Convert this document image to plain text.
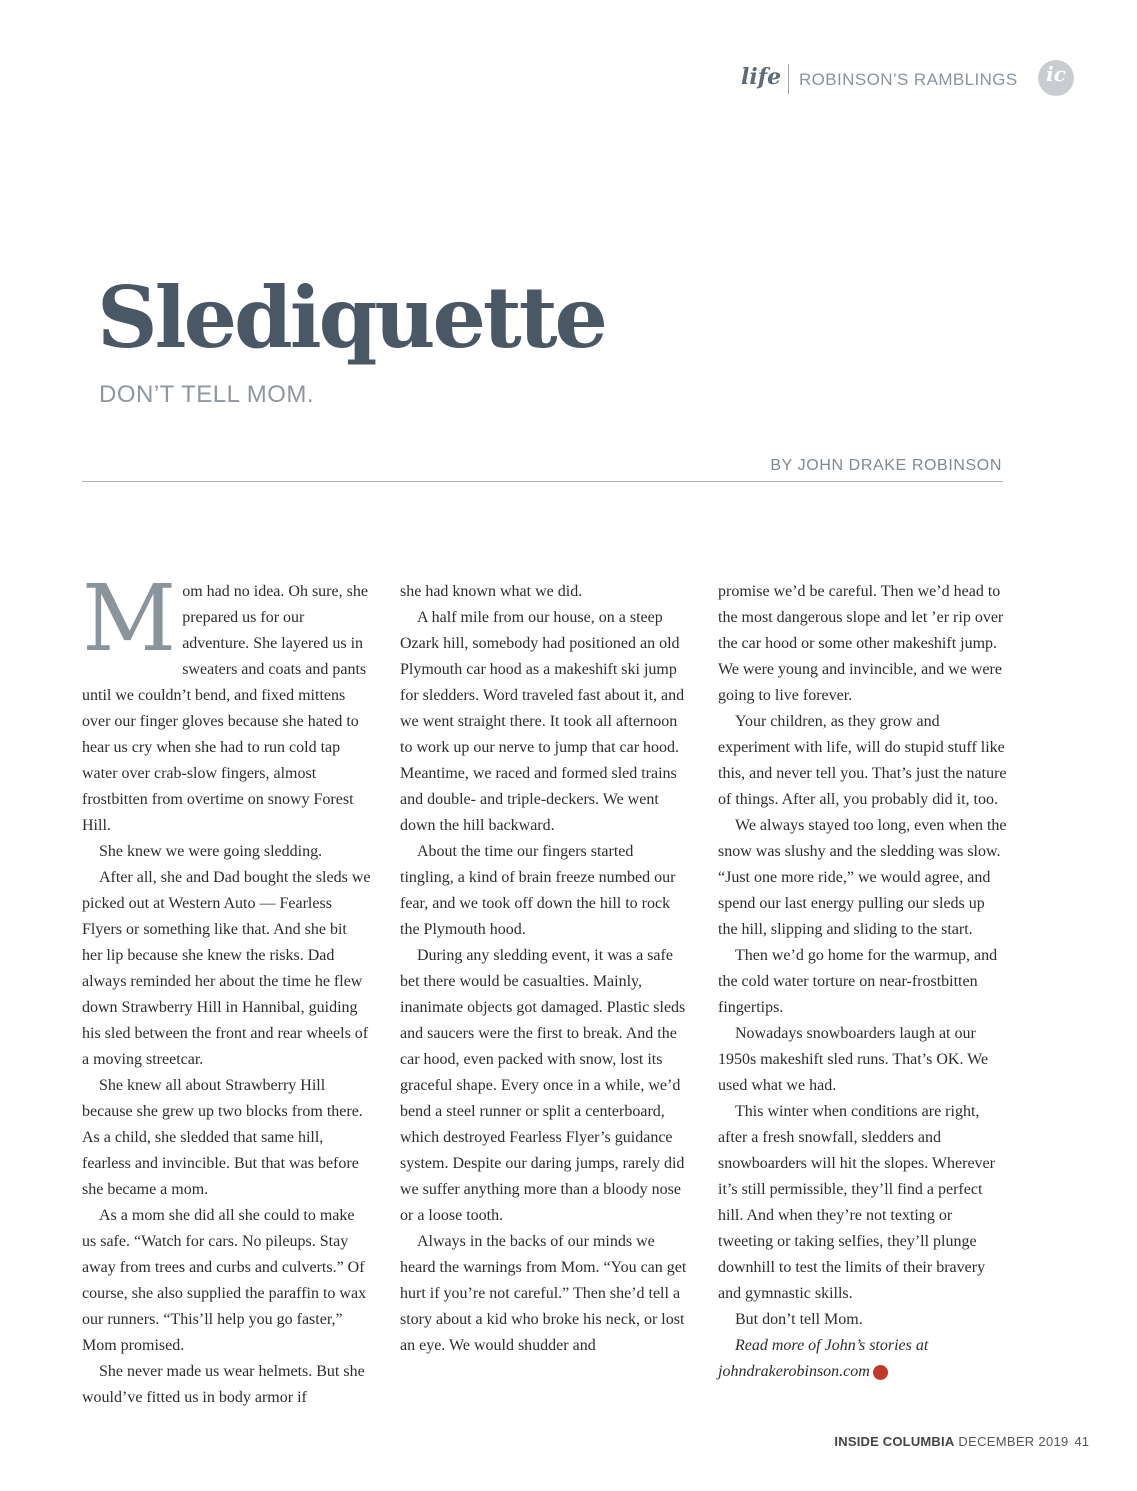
life ROBINSON’S RAMBLINGS	ic
Slediquette
DON’T TELL MOM.
BY JOHN DRAKE ROBINSON

Mom had no idea. Oh sure, she prepared us for our adventure. She layered us in sweaters and coats and pants until we couldn’t bend, and fixed mittens over our finger gloves because she hated to hear us cry when she had to run cold tap water over crab-slow fingers, almost frostbitten from overtime on snowy Forest Hill.

She knew we were going sledding.

After all, she and Dad bought the sleds we picked out at Western Auto — Fearless Flyers or something like that. And she bit her lip because she knew the risks. Dad always reminded her about the time he flew down Strawberry Hill in Hannibal, guiding his sled between the front and rear wheels of a moving streetcar.

She knew all about Strawberry Hill because she grew up two blocks from there. As a child, she sledded that same hill, fearless and invincible. But that was before she became a mom.

As a mom she did all she could to make us safe. “Watch for cars. No pileups. Stay away from trees and curbs and culverts.” Of course, she also supplied the paraffin to wax our runners. “This’ll help you go faster,” Mom promised.

She never made us wear helmets. But she would’ve fitted us in body armor if

she had known what we did.

A half mile from our house, on a steep Ozark hill, somebody had positioned an old Plymouth car hood as a makeshift ski jump for sledders. Word traveled fast about it, and we went straight there. It took all afternoon to work up our nerve to jump that car hood. Meantime, we raced and formed sled trains and double- and triple-deckers. We went down the hill backward.

About the time our fingers started tingling, a kind of brain freeze numbed our fear, and we took off down the hill to rock the Plymouth hood.

During any sledding event, it was a safe bet there would be casualties. Mainly, inanimate objects got damaged. Plastic sleds and saucers were the first to break. And the car hood, even packed with snow, lost its graceful shape. Every once in a while, we’d bend a steel runner or split a centerboard, which destroyed Fearless Flyer’s guidance system. Despite our daring jumps, rarely did we suffer anything more than a bloody nose or a loose tooth.

Always in the backs of our minds we heard the warnings from Mom. “You can get hurt if you’re not careful.” Then she’d tell a story about a kid who broke his neck, or lost an eye. We would shudder and

promise we’d be careful. Then we’d head to the most dangerous slope and let ’er rip over the car hood or some other makeshift jump. We were young and invincible, and we were going to live forever.

Your children, as they grow and experiment with life, will do stupid stuff like this, and never tell you. That’s just the nature of things. After all, you probably did it, too.

We always stayed too long, even when the snow was slushy and the sledding was slow. “Just one more ride,” we would agree, and spend our last energy pulling our sleds up the hill, slipping and sliding to the start.

Then we’d go home for the warmup, and the cold water torture on near-frostbitten fingertips.

Nowadays snowboarders laugh at our 1950s makeshift sled runs. That’s OK. We used what we had.

This winter when conditions are right, after a fresh snowfall, sledders and snowboarders will hit the slopes. Wherever it’s still permissible, they’ll find a perfect hill. And when they’re not texting or tweeting or taking selfies, they’ll plunge downhill to test the limits of their bravery and gymnastic skills.

But don’t tell Mom.

Read more of John’s stories at johndrakerobinson.com ic

INSIDE COLUMBIA DECEMBER 2019 41
